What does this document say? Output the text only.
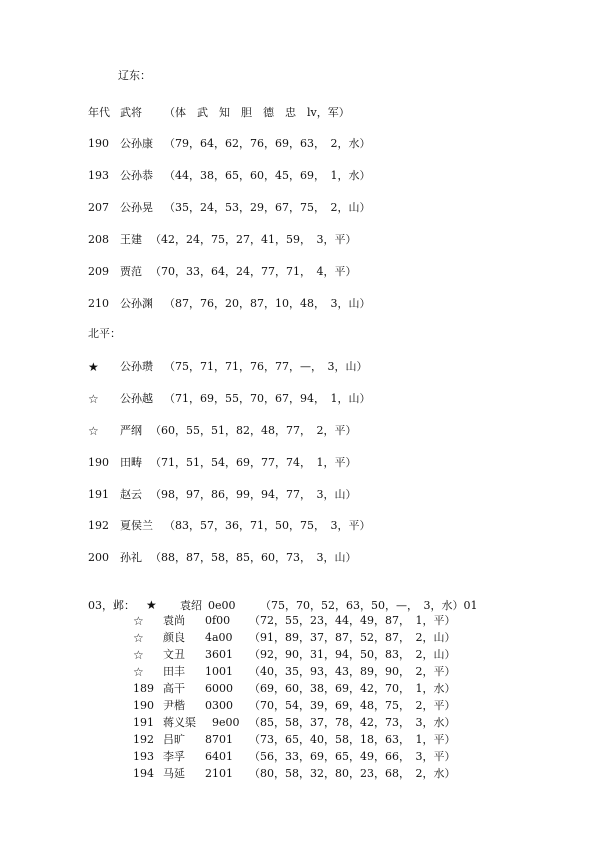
辽东：
年代 武将 （体　武　知　胆　德　忠　lv，军）
190 公孙康 （79，64，62，76，69，63，　2，水）
193 公孙恭 （44，38，65，60，45，69，　1，水）
207 公孙晃 （35，24，53，29，67，75，　2，山）
208 王建 （42，24，75，27，41，59，　3，平）
209 贾范 （70，33，64，24，77，71，　4，平）
210 公孙渊 （87，76，20，87，10，48，　3，山）
北平：
★ 公孙瓒 （75，71，71，76，77，—，　3，山）
☆ 公孙越 （71，69，55，70，67，94，　1，山）
☆ 严纲 （60，55，51，82，48，77，　2，平）
190 田畴 （71，51，54，69，77，74，　1，平）
191 赵云 （98，97，86，99，94，77，　3，山）
192 夏侯兰 （83，57，36，71，50，75，　3，平）
200 孙礼 （88，87，58，85，60，73，　3，山）
03，邺： ★ 袁绍 0e00 （75，70，52，63，50，—，　3，水）01
☆ 袁尚 0f00 （72，55，23，44，49，87，　1，平）
☆ 颜良 4a00 （91，89，37，87，52，87，　2，山）
☆ 文丑 3601 （92，90，31，94，50，83，　2，山）
☆ 田丰 1001 （40，35，93，43，89，90，　2，平）
189 高干 6000 （69，60，38，69，42，70，　1，水）
190 尹楷 0300 （70，54，39，69，48，75，　2，平）
191 蒋义渠 9e00 （85，58，37，78，42，73，　3，水）
192 吕旷 8701 （73，65，40，58，18，63，　1，平）
193 李孚 6401 （56，33，69，65，49，66，　3，平）
194 马延 2101 （80，58，32，80，23，68，　2，水）
